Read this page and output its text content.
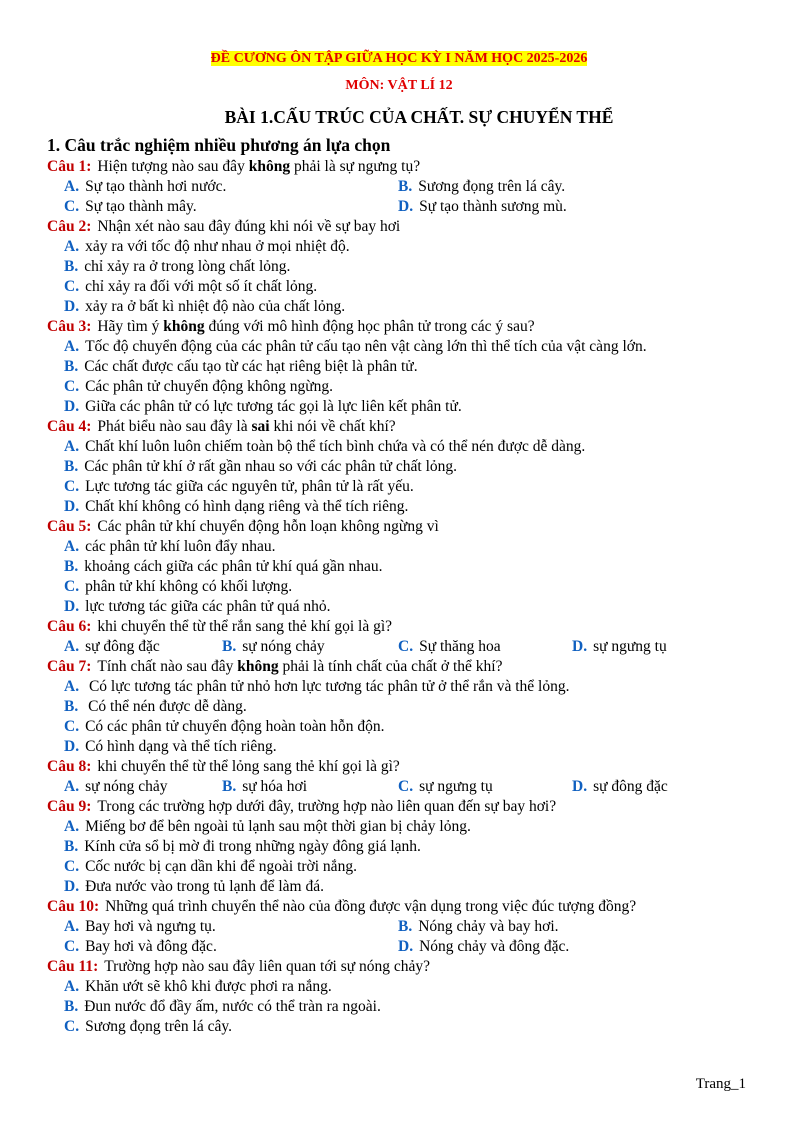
ĐỀ CƯƠNG ÔN TẬP GIỮA HỌC KỲ I NĂM HỌC 2025-2026
MÔN: VẬT LÍ 12
BÀI 1.CẤU TRÚC CỦA CHẤT. SỰ CHUYỂN THỂ
1. Câu trắc nghiệm nhiều phương án lựa chọn
Câu 1: Hiện tượng nào sau đây không phải là sự ngưng tụ?
A. Sự tạo thành hơi nước.	B. Sương đọng trên lá cây.
C. Sự tạo thành mây.	D. Sự tạo thành sương mù.
Câu 2: Nhận xét nào sau đây đúng khi nói về sự bay hơi
A. xảy ra với tốc độ như nhau ở mọi nhiệt độ.
B. chỉ xảy ra ở trong lòng chất lỏng.
C. chỉ xảy ra đối với một số ít chất lỏng.
D. xảy ra ở bất kì nhiệt độ nào của chất lỏng.
Câu 3: Hãy tìm ý không đúng với mô hình động học phân tử trong các ý sau?
A. Tốc độ chuyển động của các phân tử cấu tạo nên vật càng lớn thì thể tích của vật càng lớn.
B. Các chất được cấu tạo từ các hạt riêng biệt là phân tử.
C. Các phân tử chuyển động không ngừng.
D. Giữa các phân tử có lực tương tác gọi là lực liên kết phân tử.
Câu 4: Phát biểu nào sau đây là sai khi nói về chất khí?
A. Chất khí luôn luôn chiếm toàn bộ thể tích bình chứa và có thể nén được dễ dàng.
B. Các phân tử khí ở rất gần nhau so với các phân tử chất lỏng.
C. Lực tương tác giữa các nguyên tử, phân tử là rất yếu.
D. Chất khí không có hình dạng riêng và thể tích riêng.
Câu 5: Các phân tử khí chuyển động hỗn loạn không ngừng vì
A. các phân tử khí luôn đẩy nhau.
B. khoảng cách giữa các phân tử khí quá gần nhau.
C. phân tử khí không có khối lượng.
D. lực tương tác giữa các phân tử quá nhỏ.
Câu 6: khi chuyển thể từ thể rắn sang thẻ khí gọi là gì?
A. sự đông đặc	B. sự nóng chảy	C. Sự thăng hoa	D. sự ngưng tụ
Câu 7: Tính chất nào sau đây không phải là tính chất của chất ở thể khí?
A. Có lực tương tác phân tử nhỏ hơn lực tương tác phân tử ở thể rắn và thể lỏng.
B. Có thể nén được dễ dàng.
C. Có các phân tử chuyển động hoàn toàn hỗn độn.
D. Có hình dạng và thể tích riêng.
Câu 8: khi chuyển thể từ thể lỏng sang thẻ khí gọi là gì?
A. sự nóng chảy	B. sự hóa hơi	C. sự ngưng tụ	D. sự đông đặc
Câu 9: Trong các trường hợp dưới đây, trường hợp nào liên quan đến sự bay hơi?
A. Miếng bơ để bên ngoài tủ lạnh sau một thời gian bị chảy lỏng.
B. Kính cửa sổ bị mờ đi trong những ngày đông giá lạnh.
C. Cốc nước bị cạn dần khi để ngoài trời nắng.
D. Đưa nước vào trong tủ lạnh để làm đá.
Câu 10: Những quá trình chuyển thể nào của đồng được vận dụng trong việc đúc tượng đồng?
A. Bay hơi và ngưng tụ.	B. Nóng chảy và bay hơi.
C. Bay hơi và đông đặc.	D. Nóng chảy và đông đặc.
Câu 11: Trường hợp nào sau đây liên quan tới sự nóng chảy?
A. Khăn ướt sẽ khô khi được phơi ra nắng.
B. Đun nước đổ đầy ấm, nước có thể tràn ra ngoài.
C. Sương đọng trên lá cây.
Trang_1
